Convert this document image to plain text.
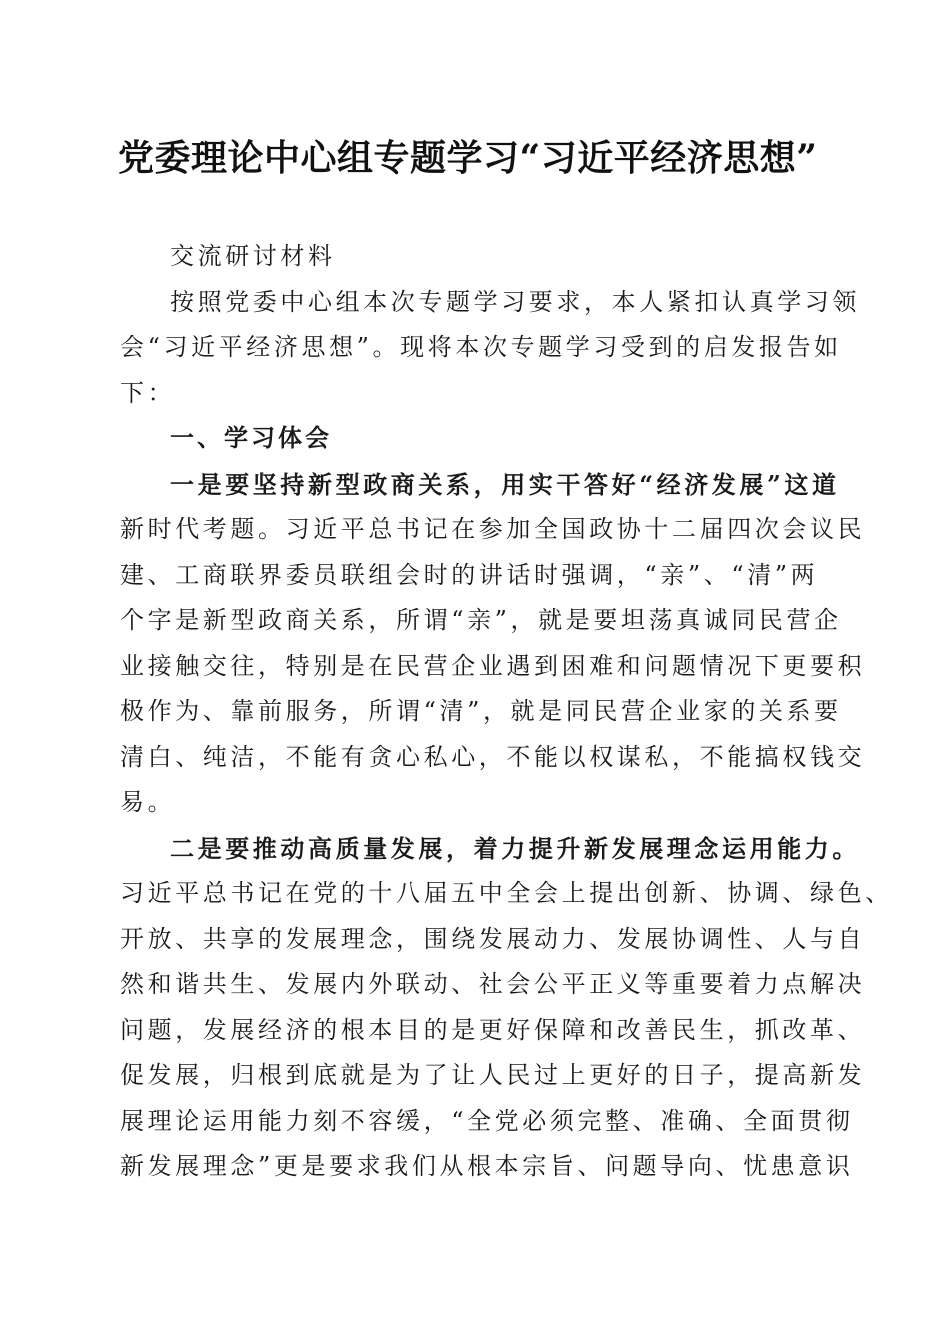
党委理论中心组专题学习“习近平经济思想”
交流研讨材料
按照党委中心组本次专题学习要求，本人紧扣认真学习领
会“习近平经济思想”。现将本次专题学习受到的启发报告如
下：
一、学习体会
一是要坚持新型政商关系，用实干答好“经济发展”这道
新时代考题。习近平总书记在参加全国政协十二届四次会议民
建、工商联界委员联组会时的讲话时强调，“亲”、“清”两
个字是新型政商关系，所谓“亲”，就是要坦荡真诚同民营企
业接触交往，特别是在民营企业遇到困难和问题情况下更要积
极作为、靠前服务，所谓“清”，就是同民营企业家的关系要
清白、纯洁，不能有贪心私心，不能以权谋私，不能搞权钱交
易。
二是要推动高质量发展，着力提升新发展理念运用能力。
习近平总书记在党的十八届五中全会上提出创新、协调、绿色、
开放、共享的发展理念，围绕发展动力、发展协调性、人与自
然和谐共生、发展内外联动、社会公平正义等重要着力点解决
问题，发展经济的根本目的是更好保障和改善民生，抓改革、
促发展，归根到底就是为了让人民过上更好的日子，提高新发
展理论运用能力刻不容缓，“全党必须完整、准确、全面贯彻
新发展理念”更是要求我们从根本宗旨、问题导向、忧患意识
